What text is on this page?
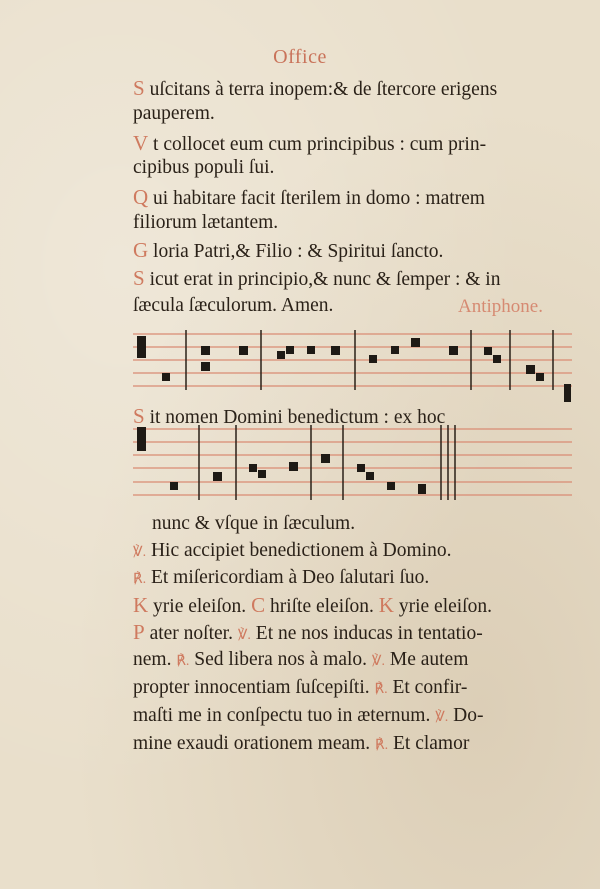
Office
S uſcitans à terra inopem:& de ſtercore erigens
pauperem.
V t collocet eum cum principibus : cum prin-
cipibus populi ſui.
Q ui habitare facit ſterilem in domo : matrem
filiorum lætantem.
G loria Patri,& Filio : & Spiritui ſancto.
S icut erat in principio,& nunc & ſemper : & in
ſæcula ſæculorum. Amen.	Antiphone.
S it nomen Domini benedictum : ex hoc
nunc & vſque in ſæculum.
℣. Hic accipiet benedictionem à Domino.
℟. Et miſericordiam à Deo ſalutari ſuo.
K yrie eleiſon. C hriſte eleiſon. K yrie eleiſon.
P ater noſter. ℣. Et ne nos inducas in tentatio-
nem. ℟. Sed libera nos à malo. ℣. Me autem
propter innocentiam ſuſcepiſti. ℟. Et confir-
maſti me in conſpectu tuo in æternum. ℣. Do-
mine exaudi orationem meam. ℟. Et clamor
